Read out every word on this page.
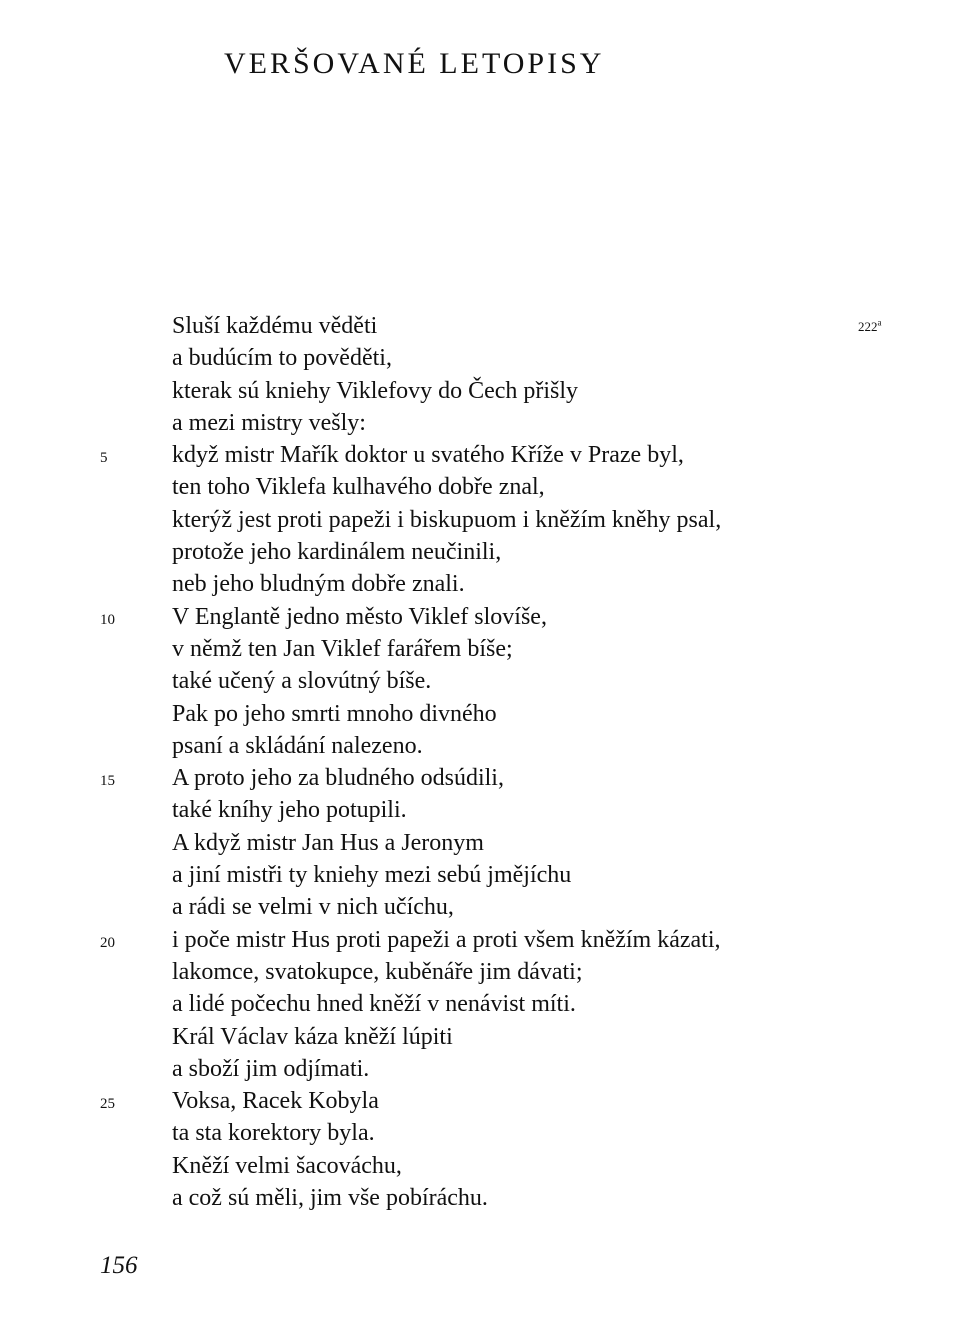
VERŠOVANÉ LETOPISY
222$^a$
Sluší každému věděti
a budúcím to pověděti,
kterak sú kniehy Viklefovy do Čech přišly
a mezi mistry vešly:
5	když mistr Mařík doktor u svatého Kříže v Praze byl,
ten toho Viklefa kulhavého dobře znal,
kterýž jest proti papeži i biskupuom i kněžím kněhy psal,
protože jeho kardinálem neučinili,
neb jeho bludným dobře znali.
10	V Englantě jedno město Viklef slovíše,
v němž ten Jan Viklef farářem bíše;
také učený a slovútný bíše.
Pak po jeho smrti mnoho divného
psaní a skládání nalezeno.
15	A proto jeho za bludného odsúdili,
také kníhy jeho potupili.
A když mistr Jan Hus a Jeronym
a jiní mistři ty kniehy mezi sebú jmějíchu
a rádi se velmi v nich učíchu,
20	i poče mistr Hus proti papeži a proti všem kněžím kázati,
lakomce, svatokupce, kuběnáře jim dávati;
a lidé počechu hned kněží v nenávist míti.
Král Václav káza kněží lúpiti
a sboží jim odjímati.
25	Voksa, Racek Kobyla
ta sta korektory byla.
Kněží velmi šacováchu,
a což sú měli, jim vše pobíráchu.
156
